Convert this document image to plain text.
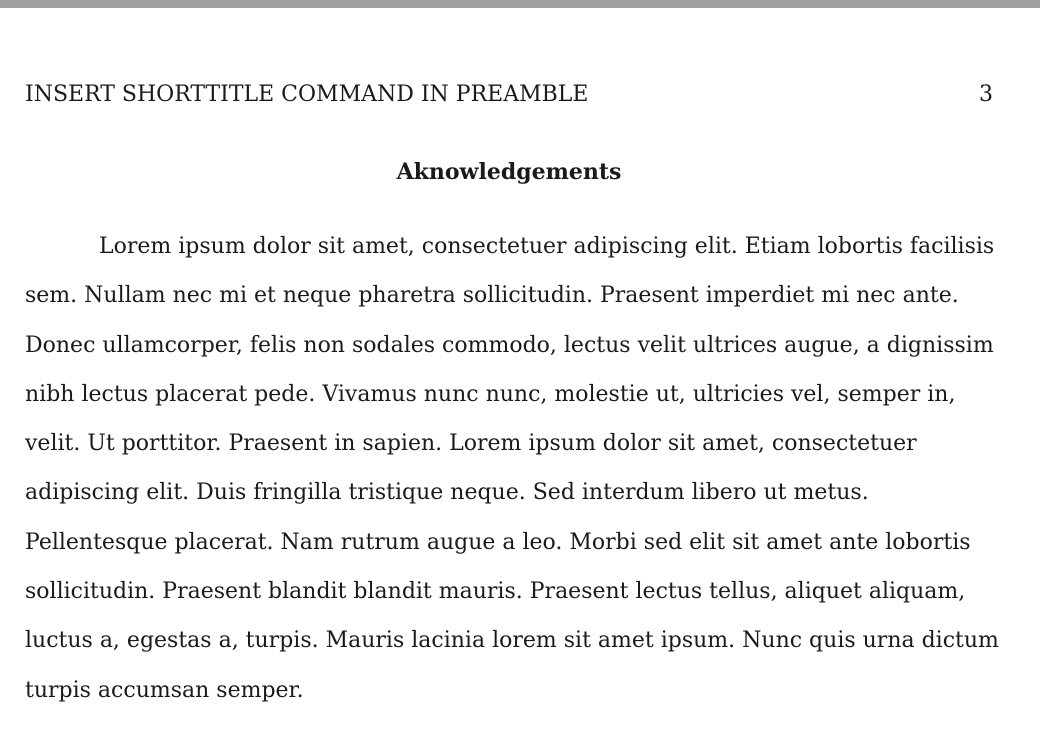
INSERT SHORTTITLE COMMAND IN PREAMBLE	3
Aknowledgements
Lorem ipsum dolor sit amet, consectetuer adipiscing elit. Etiam lobortis facilisis
sem. Nullam nec mi et neque pharetra sollicitudin. Praesent imperdiet mi nec ante.
Donec ullamcorper, felis non sodales commodo, lectus velit ultrices augue, a dignissim
nibh lectus placerat pede. Vivamus nunc nunc, molestie ut, ultricies vel, semper in,
velit. Ut porttitor. Praesent in sapien. Lorem ipsum dolor sit amet, consectetuer
adipiscing elit. Duis fringilla tristique neque. Sed interdum libero ut metus.
Pellentesque placerat. Nam rutrum augue a leo. Morbi sed elit sit amet ante lobortis
sollicitudin. Praesent blandit blandit mauris. Praesent lectus tellus, aliquet aliquam,
luctus a, egestas a, turpis. Mauris lacinia lorem sit amet ipsum. Nunc quis urna dictum
turpis accumsan semper.
